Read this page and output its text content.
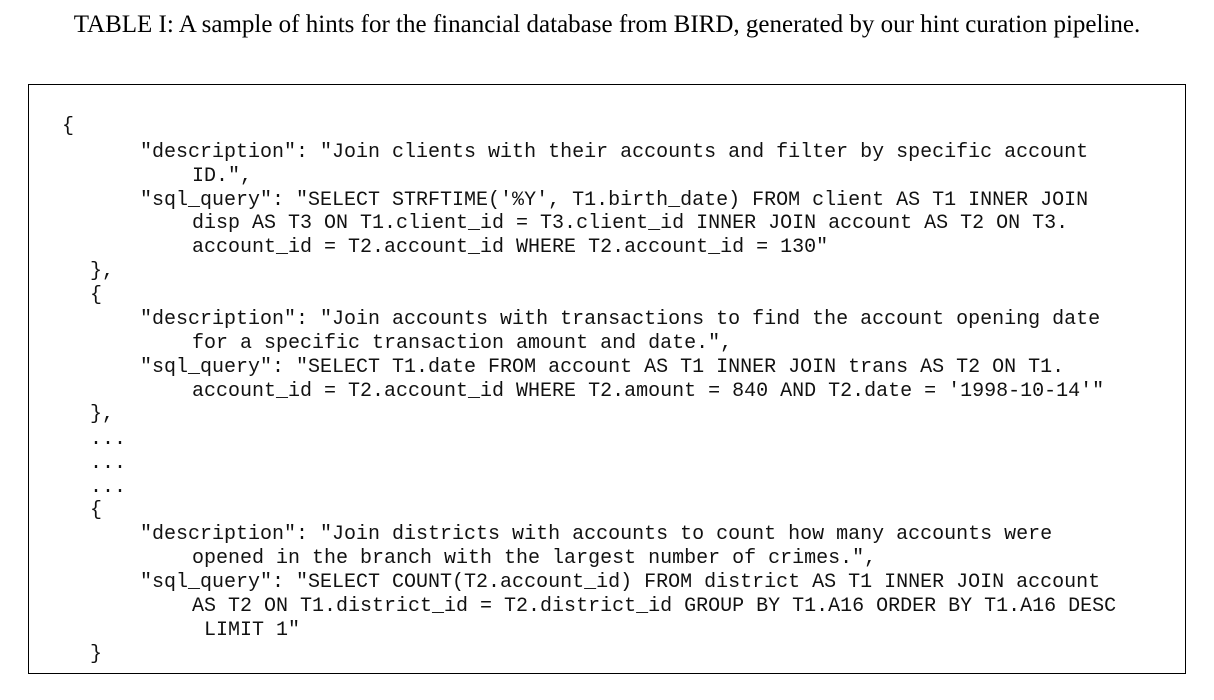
TABLE I: A sample of hints for the financial database from BIRD, generated by our hint curation pipeline.
{
"description": "Join clients with their accounts and filter by specific account
ID.",
"sql_query": "SELECT STRFTIME('%Y', T1.birth_date) FROM client AS T1 INNER JOIN
disp AS T3 ON T1.client_id = T3.client_id INNER JOIN account AS T2 ON T3.
account_id = T2.account_id WHERE T2.account_id = 130"
},
{
"description": "Join accounts with transactions to find the account opening date
for a specific transaction amount and date.",
"sql_query": "SELECT T1.date FROM account AS T1 INNER JOIN trans AS T2 ON T1.
account_id = T2.account_id WHERE T2.amount = 840 AND T2.date = '1998-10-14'"
},
...
...
...
{
"description": "Join districts with accounts to count how many accounts were
opened in the branch with the largest number of crimes.",
"sql_query": "SELECT COUNT(T2.account_id) FROM district AS T1 INNER JOIN account
AS T2 ON T1.district_id = T2.district_id GROUP BY T1.A16 ORDER BY T1.A16 DESC
LIMIT 1"
}
